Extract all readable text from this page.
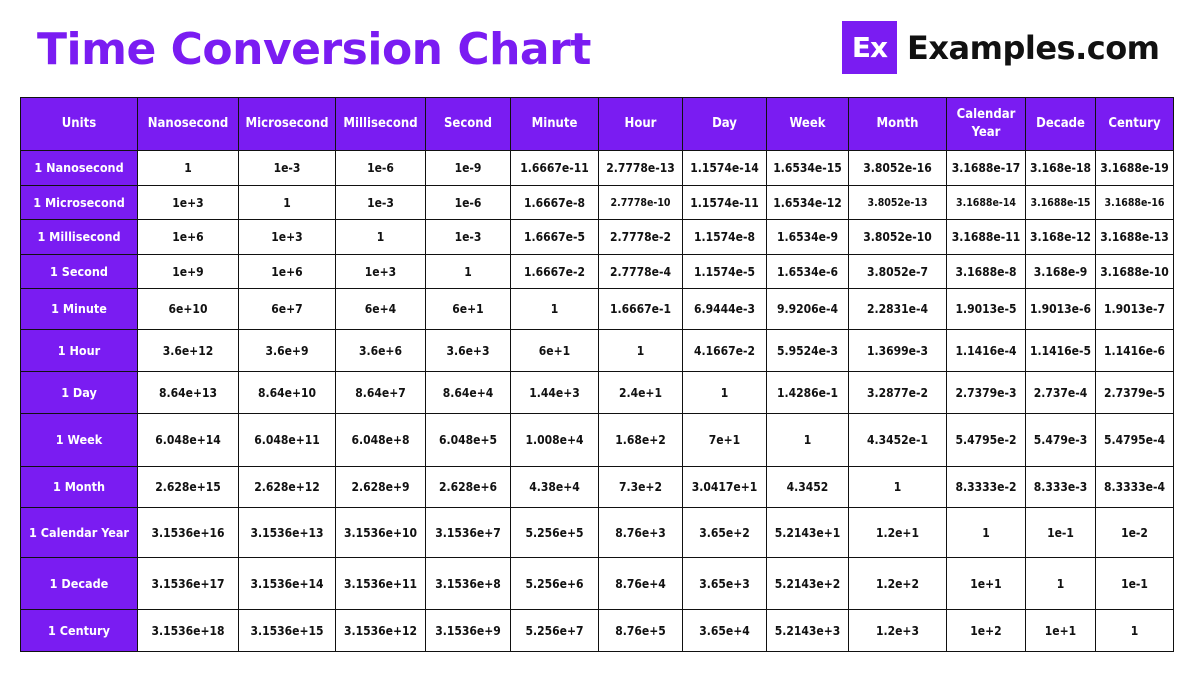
Time Conversion Chart	Ex Examples.com
Units	Nanosecond	Microsecond	Millisecond	Second	Minute	Hour	Day	Week	Month	Calendar Year	Decade	Century
1 Nanosecond	1	1e-3	1e-6	1e-9	1.6667e-11	2.7778e-13	1.1574e-14	1.6534e-15	3.8052e-16	3.1688e-17	3.168e-18	3.1688e-19
1 Microsecond	1e+3	1	1e-3	1e-6	1.6667e-8	2.7778e-10	1.1574e-11	1.6534e-12	3.8052e-13	3.1688e-14	3.1688e-15	3.1688e-16
1 Millisecond	1e+6	1e+3	1	1e-3	1.6667e-5	2.7778e-2	1.1574e-8	1.6534e-9	3.8052e-10	3.1688e-11	3.168e-12	3.1688e-13
1 Second	1e+9	1e+6	1e+3	1	1.6667e-2	2.7778e-4	1.1574e-5	1.6534e-6	3.8052e-7	3.1688e-8	3.168e-9	3.1688e-10
1 Minute	6e+10	6e+7	6e+4	6e+1	1	1.6667e-1	6.9444e-3	9.9206e-4	2.2831e-4	1.9013e-5	1.9013e-6	1.9013e-7
1 Hour	3.6e+12	3.6e+9	3.6e+6	3.6e+3	6e+1	1	4.1667e-2	5.9524e-3	1.3699e-3	1.1416e-4	1.1416e-5	1.1416e-6
1 Day	8.64e+13	8.64e+10	8.64e+7	8.64e+4	1.44e+3	2.4e+1	1	1.4286e-1	3.2877e-2	2.7379e-3	2.737e-4	2.7379e-5
1 Week	6.048e+14	6.048e+11	6.048e+8	6.048e+5	1.008e+4	1.68e+2	7e+1	1	4.3452e-1	5.4795e-2	5.479e-3	5.4795e-4
1 Month	2.628e+15	2.628e+12	2.628e+9	2.628e+6	4.38e+4	7.3e+2	3.0417e+1	4.3452	1	8.3333e-2	8.333e-3	8.3333e-4
1 Calendar Year	3.1536e+16	3.1536e+13	3.1536e+10	3.1536e+7	5.256e+5	8.76e+3	3.65e+2	5.2143e+1	1.2e+1	1	1e-1	1e-2
1 Decade	3.1536e+17	3.1536e+14	3.1536e+11	3.1536e+8	5.256e+6	8.76e+4	3.65e+3	5.2143e+2	1.2e+2	1e+1	1	1e-1
1 Century	3.1536e+18	3.1536e+15	3.1536e+12	3.1536e+9	5.256e+7	8.76e+5	3.65e+4	5.2143e+3	1.2e+3	1e+2	1e+1	1
